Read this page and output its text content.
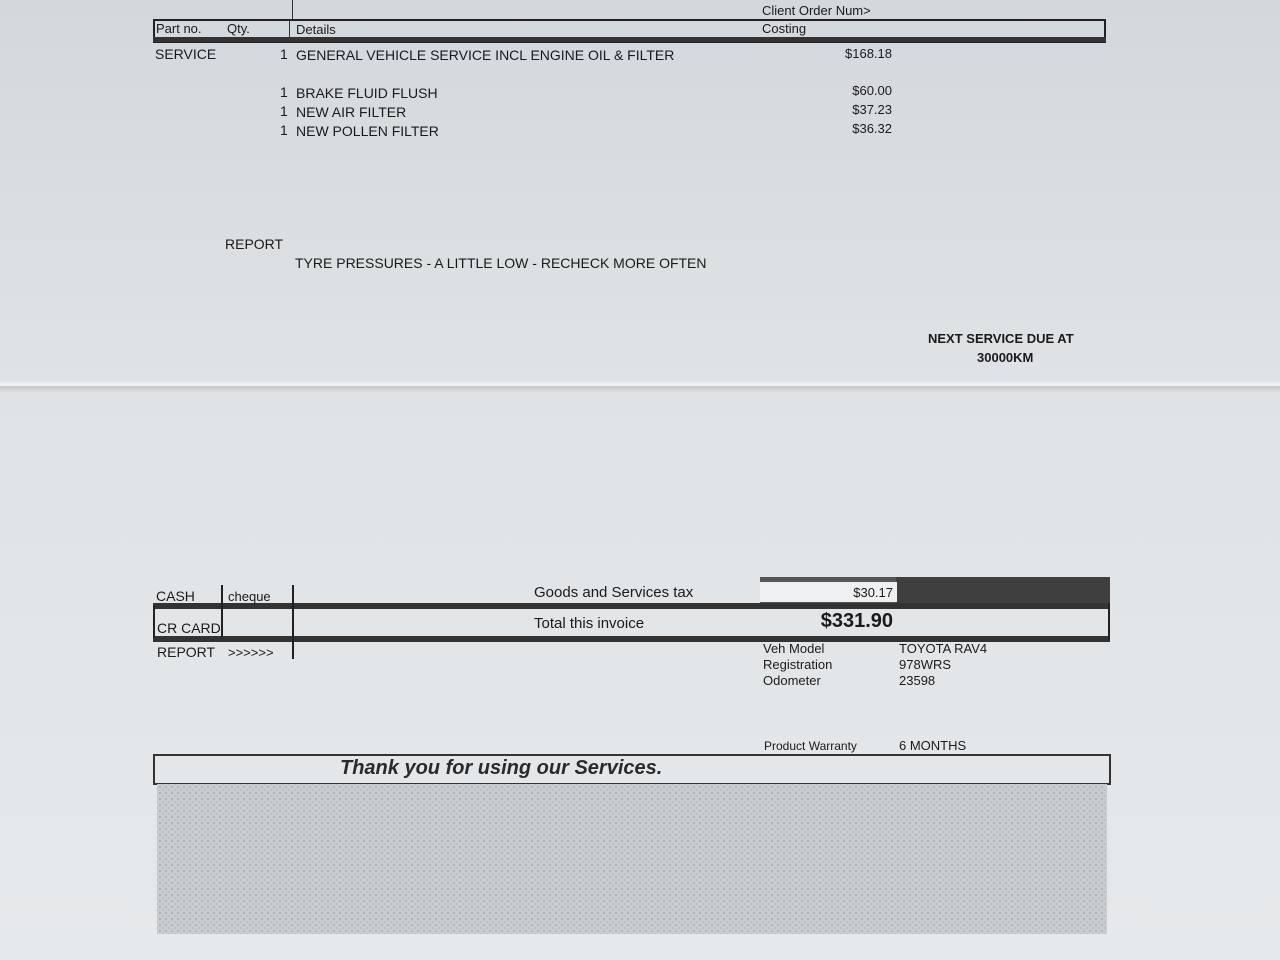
Client Order Num>
Part no. Qty.	Details	Costing
SERVICE	1 GENERAL VEHICLE SERVICE INCL ENGINE OIL & FILTER	$168.18
1 BRAKE FLUID FLUSH	$60.00
1 NEW AIR FILTER	$37.23
1 NEW POLLEN FILTER	$36.32
REPORT
TYRE PRESSURES - A LITTLE LOW - RECHECK MORE OFTEN
NEXT SERVICE DUE AT
30000KM
CASH	cheque
CR CARD
REPORT >>>>>>
Goods and Services tax	$30.17
Total this invoice	$331.90
Veh Model	TOYOTA RAV4
Registration	978WRS
Odometer	23598
Product Warranty	6 MONTHS
Thank you for using our Services.
